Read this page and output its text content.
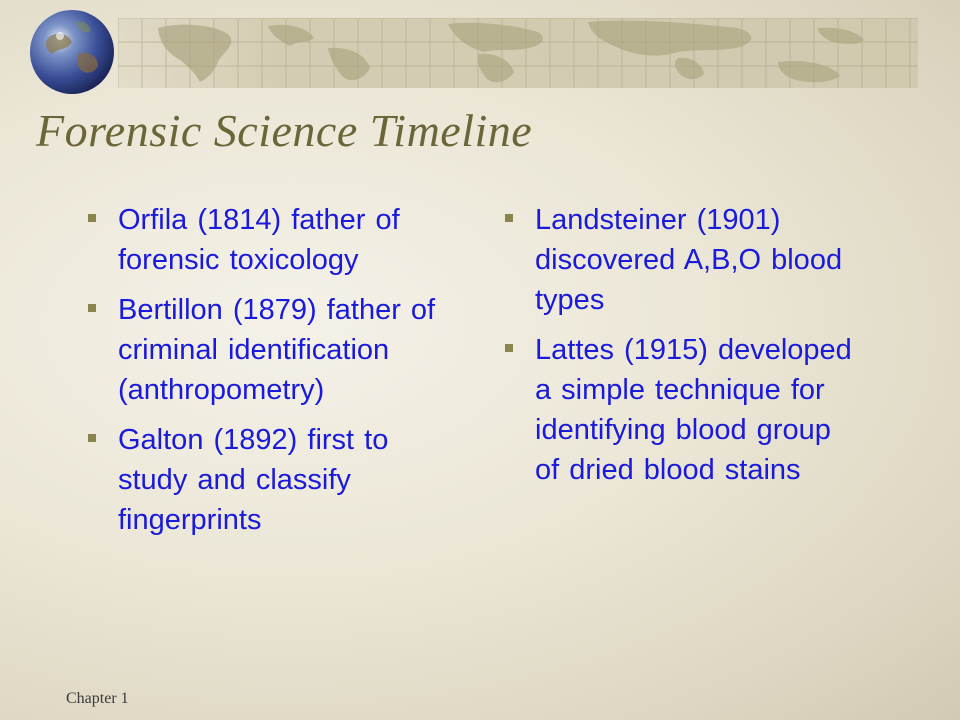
Forensic Science Timeline
Orfila (1814) father of forensic toxicology
Bertillon (1879) father of criminal identification (anthropometry)
Galton (1892) first to study and classify fingerprints
Landsteiner (1901) discovered A,B,O blood types
Lattes (1915) developed a simple technique for identifying blood group of dried blood stains
Chapter 1
